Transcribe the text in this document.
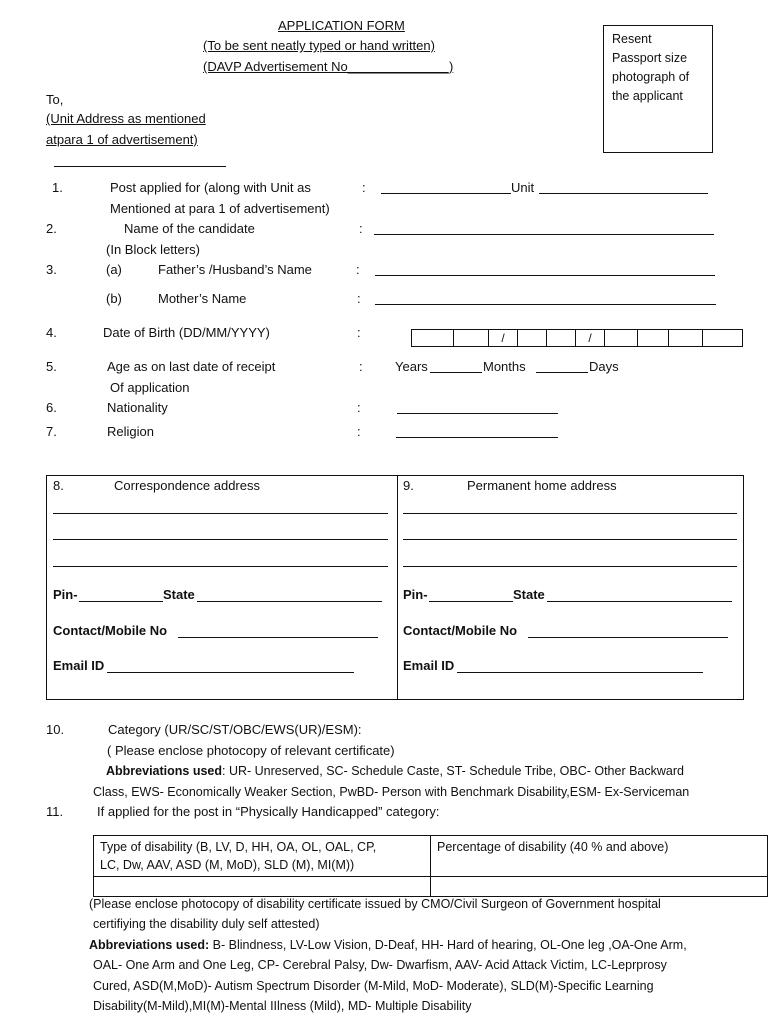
APPLICATION FORM
(To be sent neatly typed or hand written)
(DAVP Advertisement No______________)
Resent
Passport size
photograph of
the applicant
To,
(Unit Address as mentioned
atpara 1 of advertisement)
1.	Post applied for (along with Unit as
Mentioned at para 1 of advertisement)
:	Unit
2.	Name of the candidate
(In Block letters)
:
3.	(a)	Father’s /Husband’s Name	:
(b)	Mother’s Name	:
4.	Date of Birth (DD/MM/YYYY)	:	/	/
5.	Age as on last date of receipt
Of application
: Years	Months	Days
6.	Nationality	:
7.	Religion	:
8.	Correspondence address
Pin-	State
Contact/Mobile No
Email ID
9.	Permanent home address
Pin-	State
Contact/Mobile No
Email ID
10.	Category (UR/SC/ST/OBC/EWS(UR)/ESM):
( Please enclose photocopy of relevant certificate)
Abbreviations used: UR- Unreserved, SC- Schedule Caste, ST- Schedule Tribe, OBC- Other Backward
Class, EWS- Economically Weaker Section, PwBD- Person with Benchmark Disability,ESM- Ex-Serviceman
11.	If applied for the post in “Physically Handicapped” category:
Type of disability (B, LV, D, HH, OA, OL, OAL, CP,
LC, Dw, AAV, ASD (M, MoD), SLD (M), MI(M))	Percentage of disability (40 % and above)

(Please enclose photocopy of disability certificate issued by CMO/Civil Surgeon of Government hospital
certifiying the disability duly self attested)
Abbreviations used: B- Blindness, LV-Low Vision, D-Deaf, HH- Hard of hearing, OL-One leg ,OA-One Arm,
OAL- One Arm and One Leg, CP- Cerebral Palsy, Dw- Dwarfism, AAV- Acid Attack Victim, LC-Leprprosy
Cured, ASD(M,MoD)- Autism Spectrum Disorder (M-Mild, MoD- Moderate), SLD(M)-Specific Learning
Disability(M-Mild),MI(M)-Mental IIlness (Mild), MD- Multiple Disability
